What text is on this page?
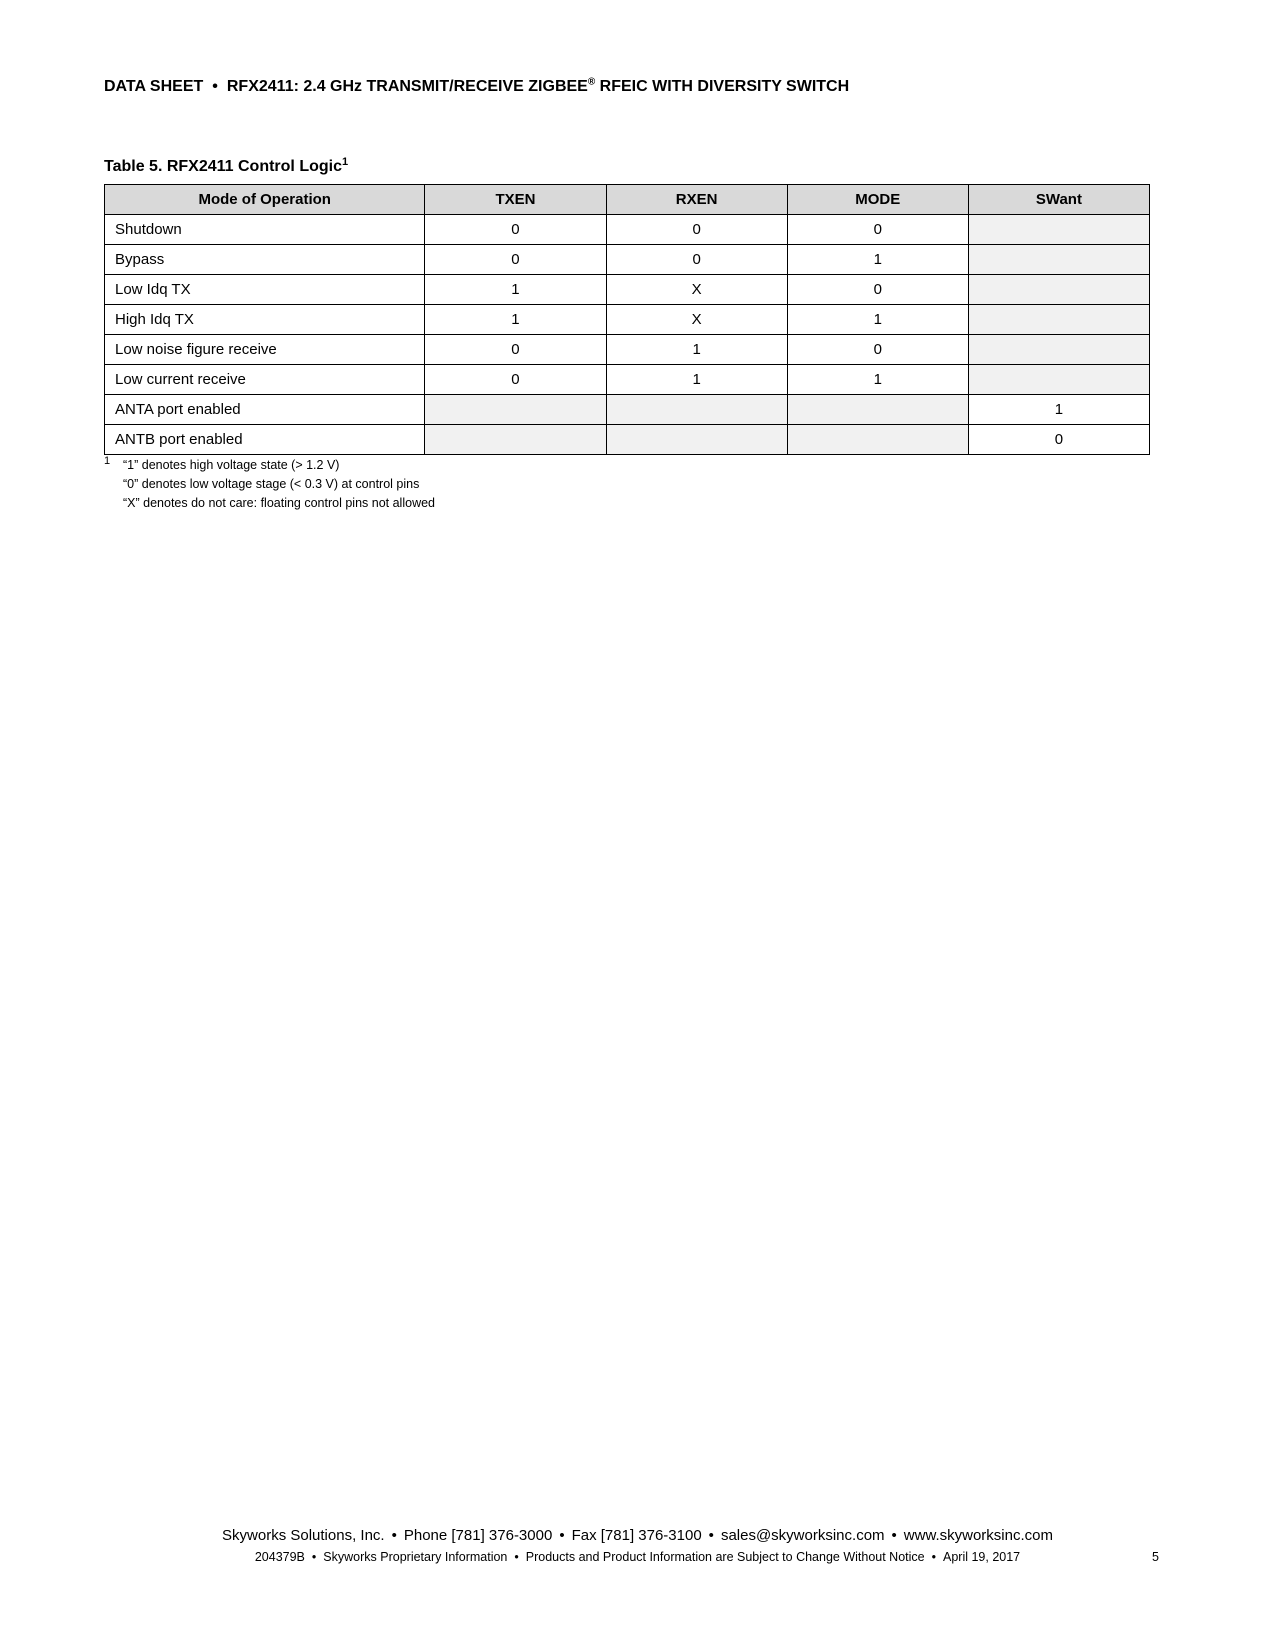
DATA SHEET • RFX2411: 2.4 GHz TRANSMIT/RECEIVE ZIGBEE® RFEIC WITH DIVERSITY SWITCH
Table 5. RFX2411 Control Logic$^1$
Mode of Operation	TXEN	RXEN	MODE	SWant
Shutdown	0	0	0	
Bypass	0	0	1	
Low Idq TX	1	X	0	
High Idq TX	1	X	1	
Low noise figure receive	0	1	0	
Low current receive	0	1	1	
ANTA port enabled				1
ANTB port enabled				0
1 “1” denotes high voltage state (> 1.2 V)
“0” denotes low voltage stage (< 0.3 V) at control pins
“X” denotes do not care: floating control pins not allowed
Skyworks Solutions, Inc. • Phone [781] 376-3000 • Fax [781] 376-3100 • sales@skyworksinc.com • www.skyworksinc.com
204379B • Skyworks Proprietary Information • Products and Product Information are Subject to Change Without Notice • April 19, 2017	5
